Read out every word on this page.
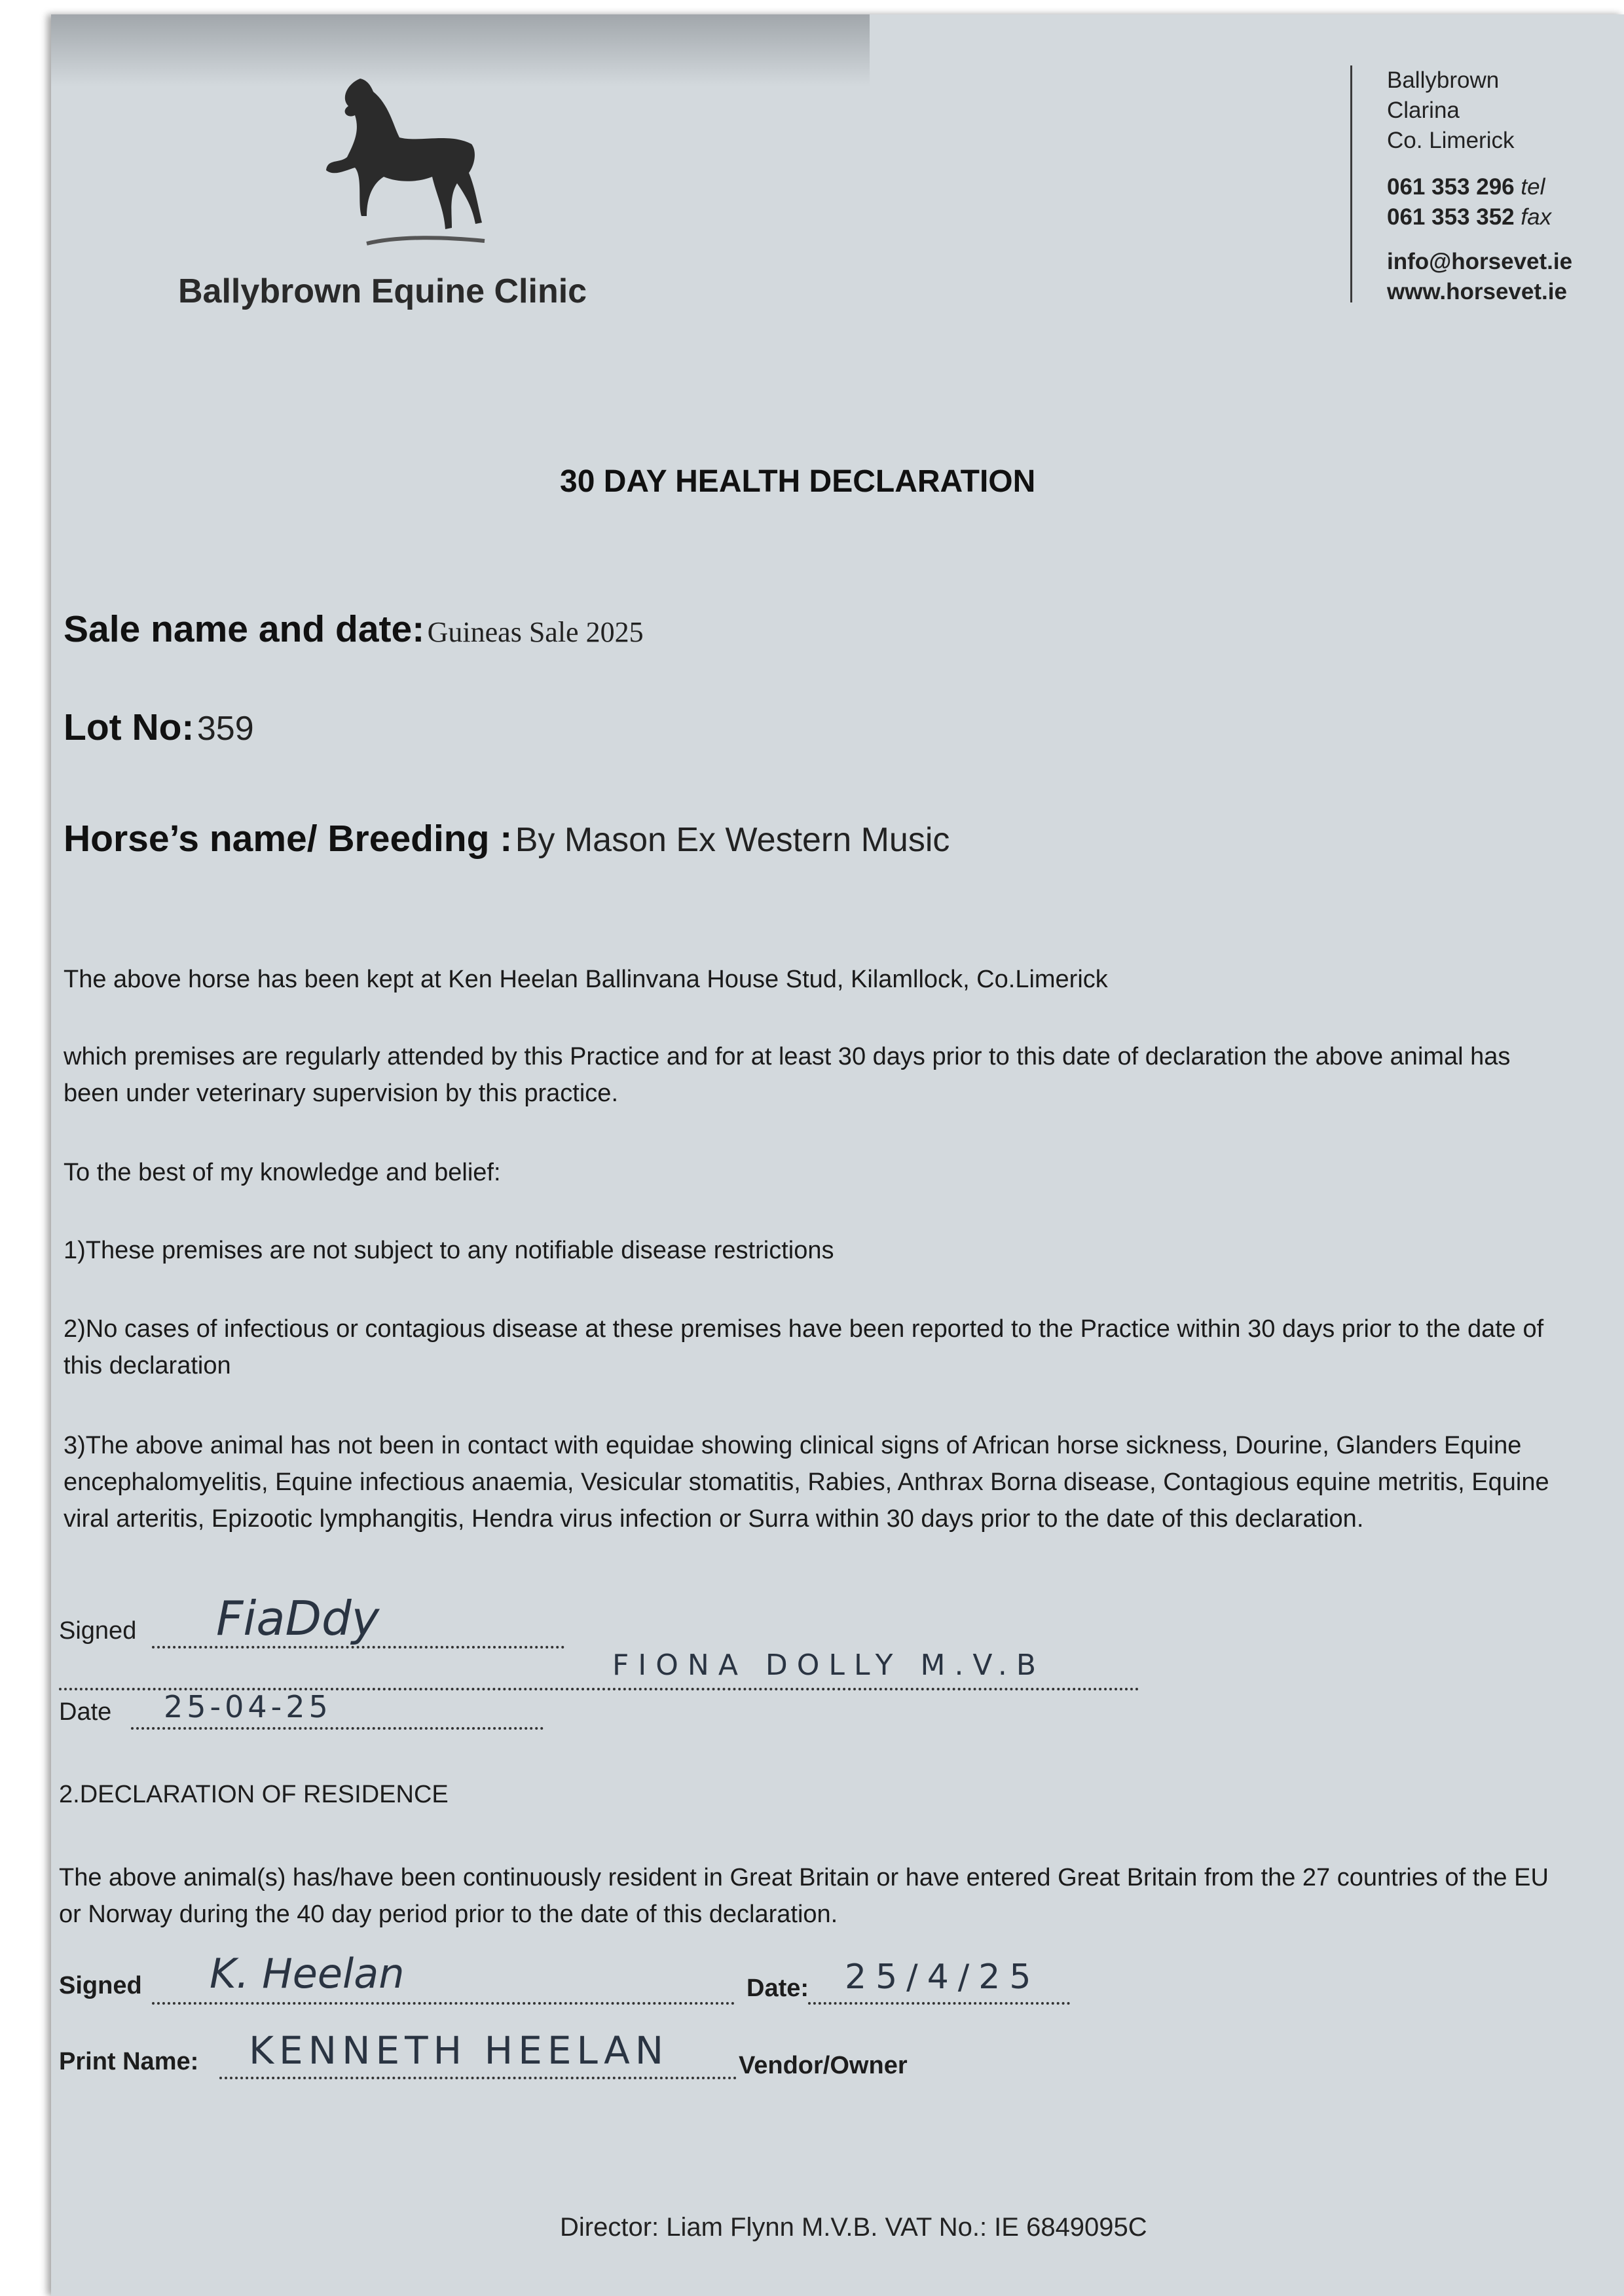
Ballybrown Equine Clinic
Ballybrown
Clarina
Co. Limerick
061 353 296 tel
061 353 352 fax
info@horsevet.ie
www.horsevet.ie
30 DAY HEALTH DECLARATION
Sale name and date: Guineas Sale 2025
Lot No: 359
Horse’s name/ Breeding : By Mason Ex Western Music
The above horse has been kept at Ken Heelan Ballinvana House Stud, Kilamllock, Co.Limerick
which premises are regularly attended by this Practice and for at least 30 days prior to this date of declaration the above animal has been under veterinary supervision by this practice.
To the best of my knowledge and belief:
1)These premises are not subject to any notifiable disease restrictions
2)No cases of infectious or contagious disease at these premises have been reported to the Practice within 30 days prior to the date of this declaration
3)The above animal has not been in contact with equidae showing clinical signs of African horse sickness, Dourine, Glanders Equine encephalomyelitis, Equine infectious anaemia, Vesicular stomatitis, Rabies, Anthrax Borna disease, Contagious equine metritis, Equine viral arteritis, Epizootic lymphangitis, Hendra virus infection or Surra within 30 days prior to the date of this declaration.
Signed FiaDdy
FIONA DOLLY M.V.B
Date 25-04-25
2.DECLARATION OF RESIDENCE
The above animal(s) has/have been continuously resident in Great Britain or have entered Great Britain from the 27 countries of the EU or Norway during the 40 day period prior to the date of this declaration.
Signed K. Heelan	Date: 25/4/25
Print Name: KENNETH HEELAN	Vendor/Owner
Director: Liam Flynn M.V.B. VAT No.: IE 6849095C
